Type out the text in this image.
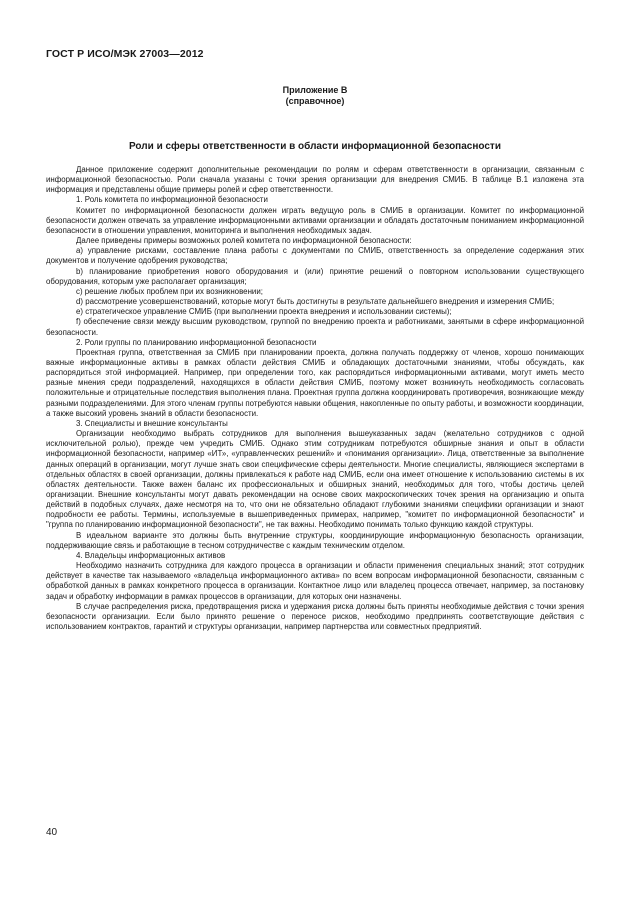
ГОСТ Р ИСО/МЭК 27003—2012
Приложение B
(справочное)
Роли и сферы ответственности в области информационной безопасности

Данное приложение содержит дополнительные рекомендации по ролям и сферам ответственности в организации, связанным с информационной безопасностью. Роли сначала указаны с точки зрения организации для внедрения СМИБ. В таблице B.1 изложена эта информация и представлены общие примеры ролей и сфер ответственности.

1. Роль комитета по информационной безопасности

Комитет по информационной безопасности должен играть ведущую роль в СМИБ в организации. Комитет по информационной безопасности должен отвечать за управление информационными активами организации и обладать достаточным пониманием информационной безопасности в отношении управления, мониторинга и выполнения необходимых задач.

Далее приведены примеры возможных ролей комитета по информационной безопасности:

a) управление рисками, составление плана работы с документами по СМИБ, ответственность за определение содержания этих документов и получение одобрения руководства;

b) планирование приобретения нового оборудования и (или) принятие решений о повторном использовании существующего оборудования, которым уже располагает организация;

c) решение любых проблем при их возникновении;

d) рассмотрение усовершенствований, которые могут быть достигнуты в результате дальнейшего внедрения и измерения СМИБ;

e) стратегическое управление СМИБ (при выполнении проекта внедрения и использовании системы);

f) обеспечение связи между высшим руководством, группой по внедрению проекта и работниками, занятыми в сфере информационной безопасности.

2. Роли группы по планированию информационной безопасности

Проектная группа, ответственная за СМИБ при планировании проекта, должна получать поддержку от членов, хорошо понимающих важные информационные активы в рамках области действия СМИБ и обладающих достаточными знаниями, чтобы обсуждать, как распорядиться этой информацией. Например, при определении того, как распорядиться информационными активами, могут иметь место разные мнения среди подразделений, находящихся в области действия СМИБ, поэтому может возникнуть необходимость согласовать положительные и отрицательные последствия выполнения плана. Проектная группа должна координировать противоречия, возникающие между разными подразделениями. Для этого членам группы потребуются навыки общения, накопленные по опыту работы, и возможности координации, а также высокий уровень знаний в области безопасности.

3. Специалисты и внешние консультанты

Организации необходимо выбрать сотрудников для выполнения вышеуказанных задач (желательно сотрудников с одной исключительной ролью), прежде чем учредить СМИБ. Однако этим сотрудникам потребуются обширные знания и опыт в области информационной безопасности, например «ИТ», «управленческих решений» и «понимания организации». Лица, ответственные за выполнение данных операций в организации, могут лучше знать свои специфические сферы деятельности. Многие специалисты, являющиеся экспертами в отдельных областях в своей организации, должны привлекаться к работе над СМИБ, если она имеет отношение к использованию системы в их областях деятельности. Также важен баланс их профессиональных и обширных знаний, необходимых для того, чтобы достичь целей организации. Внешние консультанты могут давать рекомендации на основе своих макроскопических точек зрения на организацию и опыта действий в подобных случаях, даже несмотря на то, что они не обязательно обладают глубокими знаниями специфики организации и знают подробности ее работы. Термины, используемые в вышеприведенных примерах, например, "комитет по информационной безопасности" и "группа по планированию информационной безопасности", не так важны. Необходимо понимать только функцию каждой структуры.

В идеальном варианте это должны быть внутренние структуры, координирующие информационную безопасность организации, поддерживающие связь и работающие в тесном сотрудничестве с каждым техническим отделом.

4. Владельцы информационных активов

Необходимо назначить сотрудника для каждого процесса в организации и области применения специальных знаний; этот сотрудник действует в качестве так называемого «владельца информационного актива» по всем вопросам информационной безопасности, связанным с обработкой данных в рамках конкретного процесса в организации. Контактное лицо или владелец процесса отвечает, например, за постановку задач и обработку информации в рамках процессов в организации, для которых они назначены.

В случае распределения риска, предотвращения риска и удержания риска должны быть приняты необходимые действия с точки зрения безопасности организации. Если было принято решение о переносе рисков, необходимо предпринять соответствующие действия с использованием контрактов, гарантий и структуры организации, например партнерства или совместных предприятий.

40
